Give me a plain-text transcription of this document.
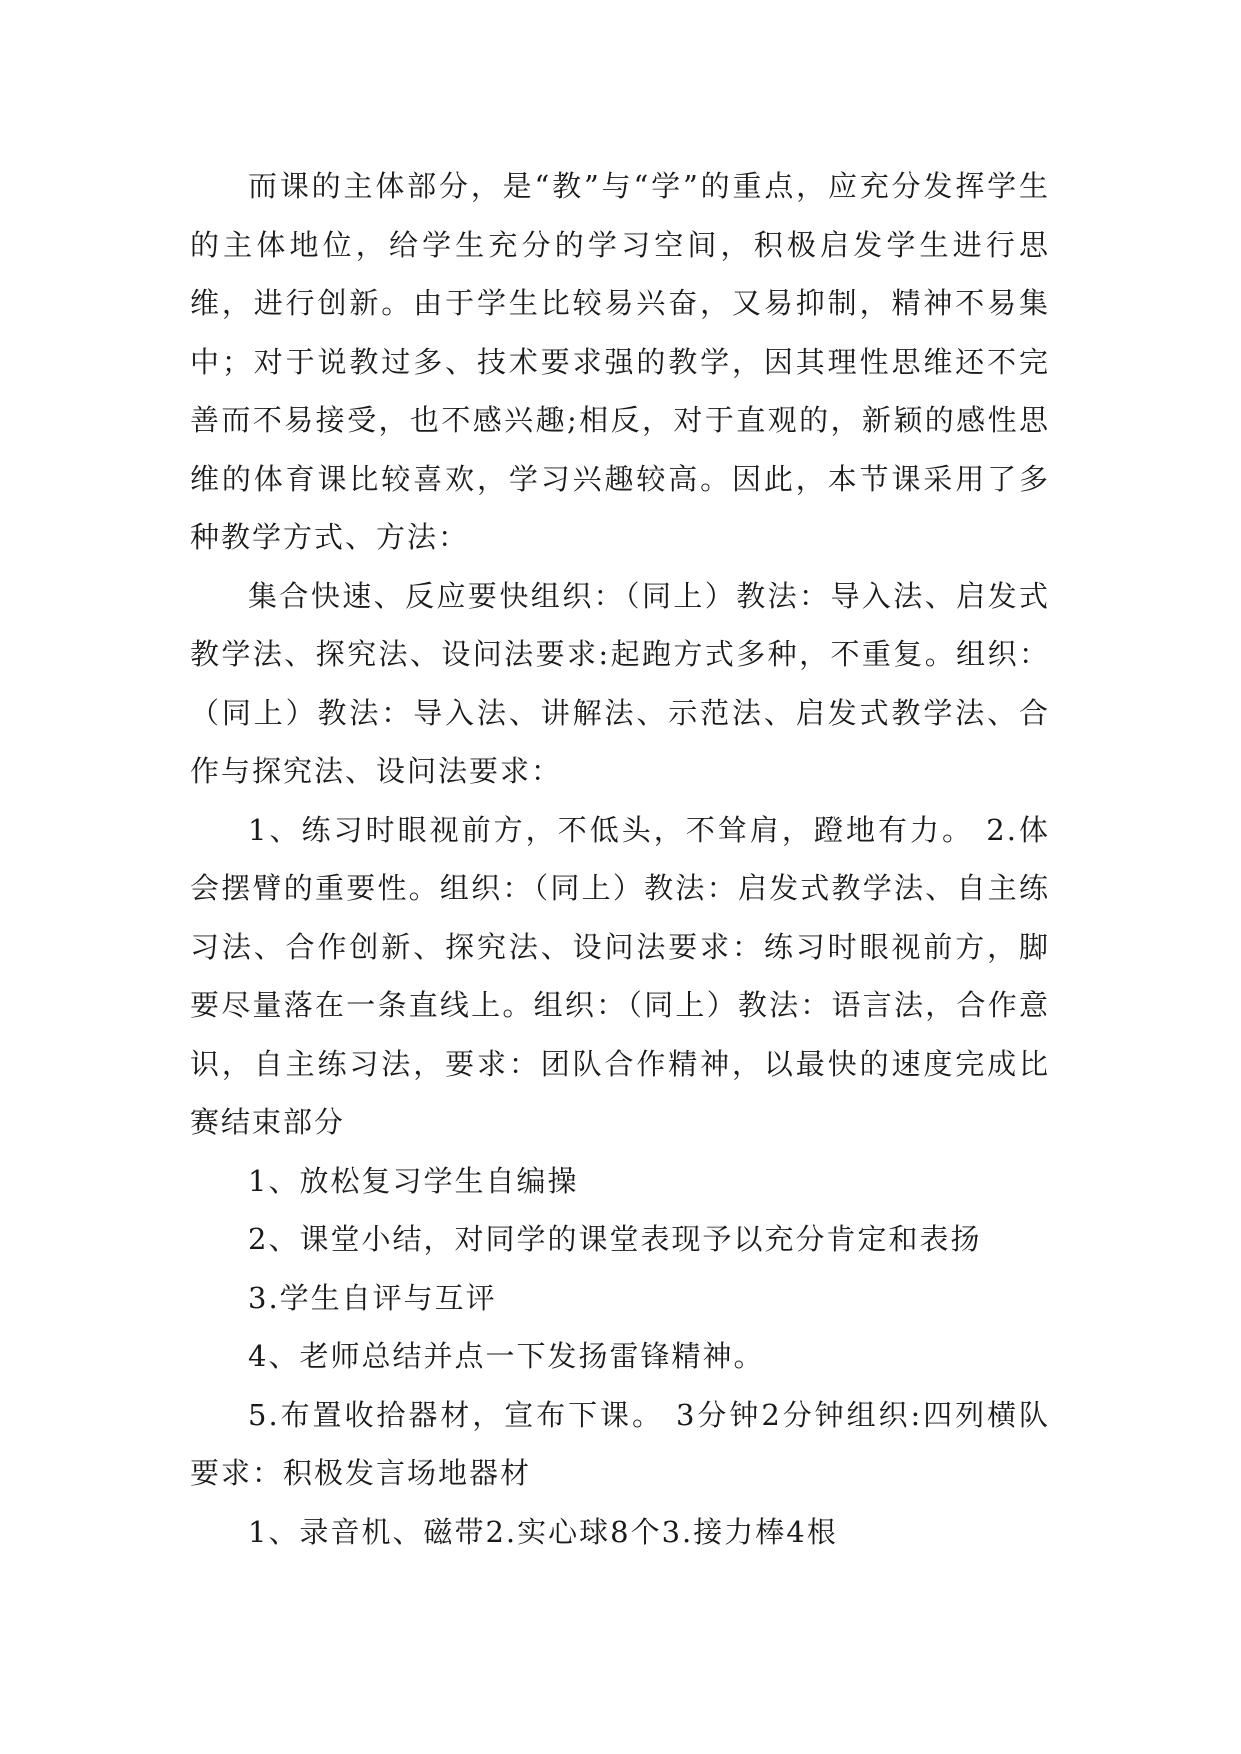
而课的主体部分，是“教”与“学”的重点，应充分发挥学生的主体地位，给学生充分的学习空间，积极启发学生进行思维，进行创新。由于学生比较易兴奋，又易抑制，精神不易集中；对于说教过多、技术要求强的教学，因其理性思维还不完善而不易接受，也不感兴趣;相反，对于直观的，新颖的感性思维的体育课比较喜欢，学习兴趣较高。因此，本节课采用了多种教学方式、方法：

集合快速、反应要快组织：（同上）教法：导入法、启发式教学法、探究法、设问法要求:起跑方式多种，不重复。组织：（同上）教法：导入法、讲解法、示范法、启发式教学法、合作与探究法、设问法要求：

1、练习时眼视前方，不低头，不耸肩，蹬地有力。 2.体会摆臂的重要性。组织：（同上）教法：启发式教学法、自主练习法、合作创新、探究法、设问法要求：练习时眼视前方，脚要尽量落在一条直线上。组织：（同上）教法：语言法，合作意识，自主练习法，要求：团队合作精神，以最快的速度完成比赛结束部分

1、放松复习学生自编操

2、课堂小结，对同学的课堂表现予以充分肯定和表扬

3.学生自评与互评

4、老师总结并点一下发扬雷锋精神。

5.布置收拾器材，宣布下课。 3分钟2分钟组织:四列横队要求：积极发言场地器材

1、录音机、磁带2.实心球8个3.接力棒4根
